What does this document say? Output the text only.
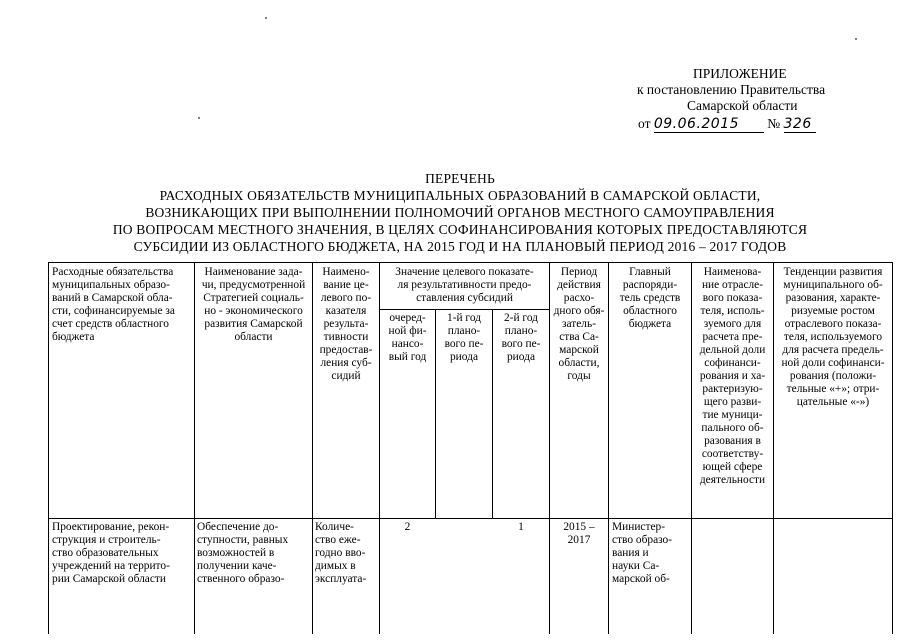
ПРИЛОЖЕНИЕ
к постановлению Правительства
Самарской области
от 09.06.2015 № 326
ПЕРЕЧЕНЬ
РАСХОДНЫХ ОБЯЗАТЕЛЬСТВ МУНИЦИПАЛЬНЫХ ОБРАЗОВАНИЙ В САМАРСКОЙ ОБЛАСТИ,
ВОЗНИКАЮЩИХ ПРИ ВЫПОЛНЕНИИ ПОЛНОМОЧИЙ ОРГАНОВ МЕСТНОГО САМОУПРАВЛЕНИЯ
ПО ВОПРОСАМ МЕСТНОГО ЗНАЧЕНИЯ, В ЦЕЛЯХ СОФИНАНСИРОВАНИЯ КОТОРЫХ ПРЕДОСТАВЛЯЮТСЯ
СУБСИДИИ ИЗ ОБЛАСТНОГО БЮДЖЕТА, НА 2015 ГОД И НА ПЛАНОВЫЙ ПЕРИОД 2016 – 2017 ГОДОВ
Расходные обязательства
муниципальных образо-
ваний в Самарской обла-
сти, софинансируемые за
счет средств областного
бюджета
Наименование зада-
чи, предусмотренной
Стратегией социаль-
но - экономического
развития Самарской
области
Наимено-
вание це-
левого по-
казателя
результа-
тивности
предостав-
ления суб-
сидий
Значение целевого показате-
ля результативности предо-
ставления субсидий
очеред-
ной фи-
нансо-
вый год
1-й год
плано-
вого пе-
риода
2-й год
плано-
вого пе-
риода
Период
действия
расхо-
дного обя-
затель-
ства Са-
марской
области,
годы
Главный
распоряди-
тель средств
областного
бюджета
Наименова-
ние отрасле-
вого показа-
теля, исполь-
зуемого для
расчета пре-
дельной доли
софинанси-
рования и ха-
рактеризую-
щего разви-
тие муници-
пального об-
разования в
соответству-
ющей сфере
деятельности
Тенденции развития
муниципального об-
разования, характе-
ризуемые ростом
отраслевого показа-
теля, используемого
для расчета предель-
ной доли софинанси-
рования (положи-
тельные «+»; отри-
цательные «-»)
Проектирование, рекон-
струкция и строитель-
ство образовательных
учреждений на террито-
рии Самарской области
Обеспечение до-
ступности, равных
возможностей в
получении каче-
ственного образо-
Количе-
ство еже-
годно вво-
димых в
эксплуата-
2	1	2015 –
2017
Министер-
ство образо-
вания и
науки Са-
марской об-
